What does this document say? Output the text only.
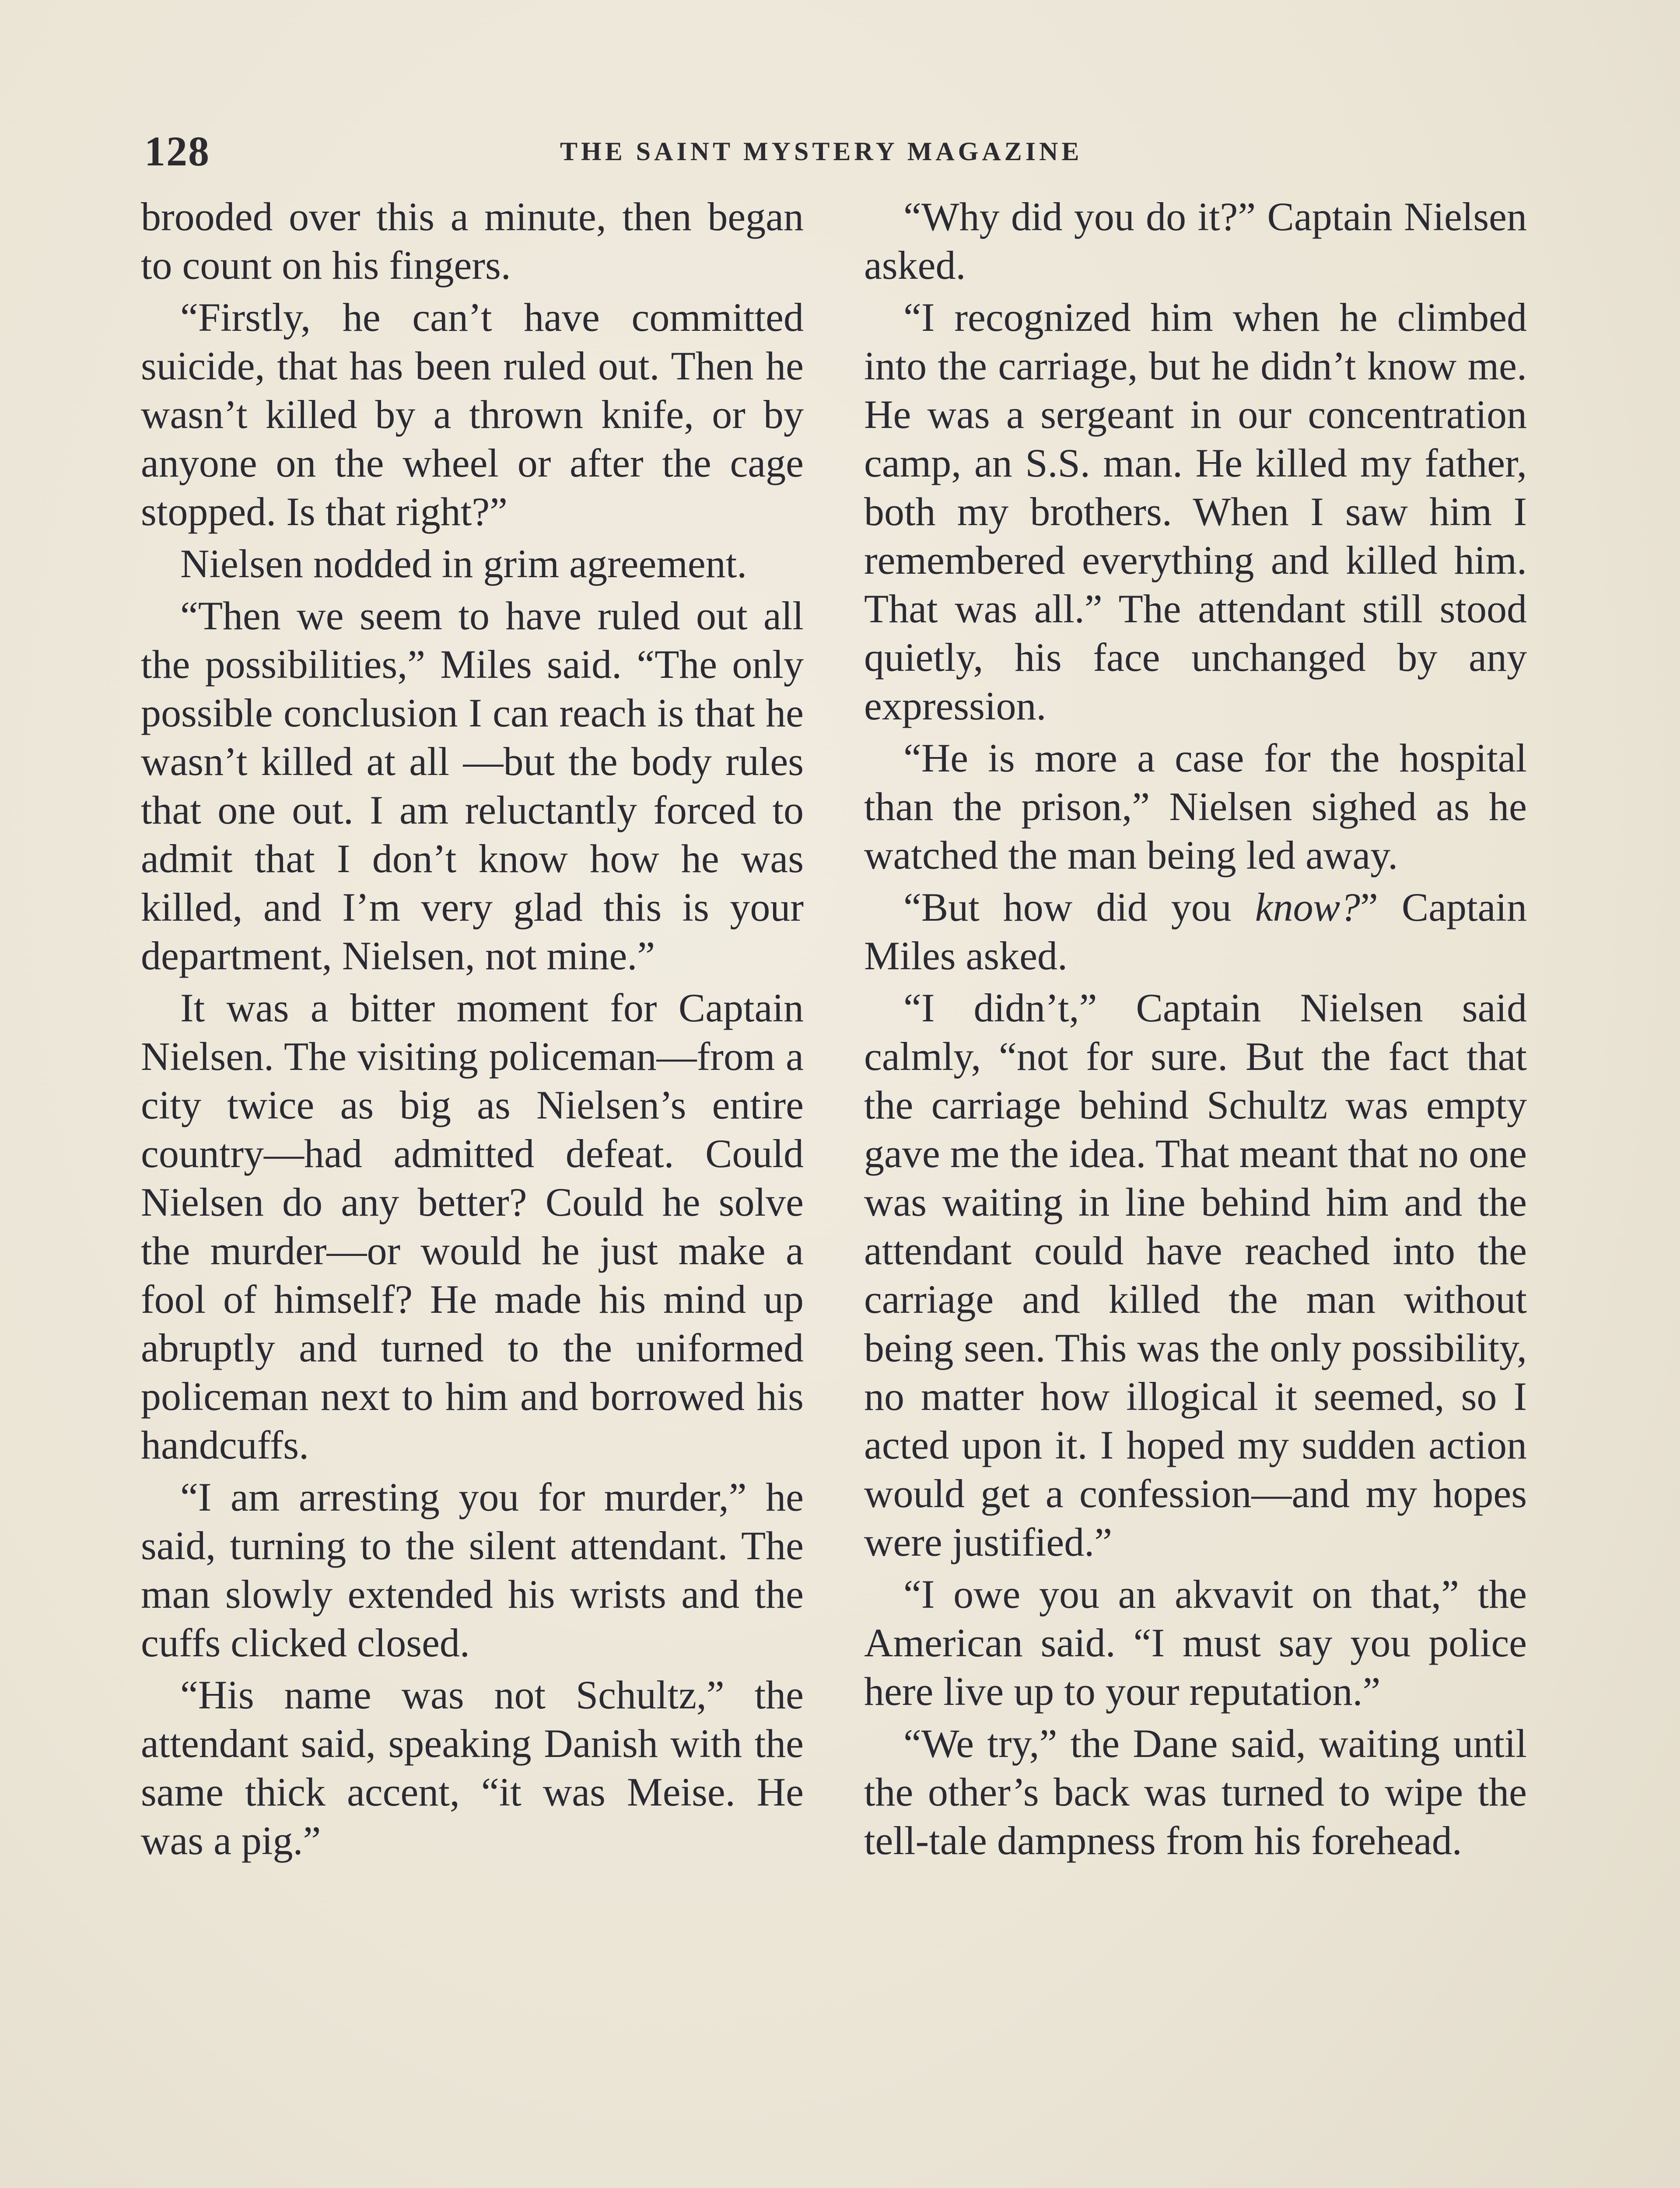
128	THE SAINT MYSTERY MAGAZINE

brooded over this a minute, then began to count on his fingers.

“Firstly, he can’t have committed suicide, that has been ruled out. Then he wasn’t killed by a thrown knife, or by anyone on the wheel or after the cage stopped. Is that right?”

Nielsen nodded in grim agreement.

“Then we seem to have ruled out all the possibilities,” Miles said. “The only possible conclusion I can reach is that he wasn’t killed at all —but the body rules that one out. I am reluctantly forced to admit that I don’t know how he was killed, and I’m very glad this is your department, Nielsen, not mine.”

It was a bitter moment for Captain Nielsen. The visiting policeman—from a city twice as big as Nielsen’s entire country—had admitted defeat. Could Nielsen do any better? Could he solve the murder—or would he just make a fool of himself? He made his mind up abruptly and turned to the uniformed policeman next to him and borrowed his handcuffs.

“I am arresting you for murder,” he said, turning to the silent attendant. The man slowly extended his wrists and the cuffs clicked closed.

“His name was not Schultz,” the attendant said, speaking Danish with the same thick accent, “it was Meise. He was a pig.”

“Why did you do it?” Captain Nielsen asked.

“I recognized him when he climbed into the carriage, but he didn’t know me. He was a sergeant in our concentration camp, an S.S. man. He killed my father, both my brothers. When I saw him I remembered everything and killed him. That was all.” The attendant still stood quietly, his face unchanged by any expression.

“He is more a case for the hospital than the prison,” Nielsen sighed as he watched the man being led away.

“But how did you know?” Captain Miles asked.

“I didn’t,” Captain Nielsen said calmly, “not for sure. But the fact that the carriage behind Schultz was empty gave me the idea. That meant that no one was waiting in line behind him and the attendant could have reached into the carriage and killed the man without being seen. This was the only possibility, no matter how illogical it seemed, so I acted upon it. I hoped my sudden action would get a confession—and my hopes were justified.”

“I owe you an akvavit on that,” the American said. “I must say you police here live up to your reputation.”

“We try,” the Dane said, waiting until the other’s back was turned to wipe the tell-tale dampness from his forehead.
